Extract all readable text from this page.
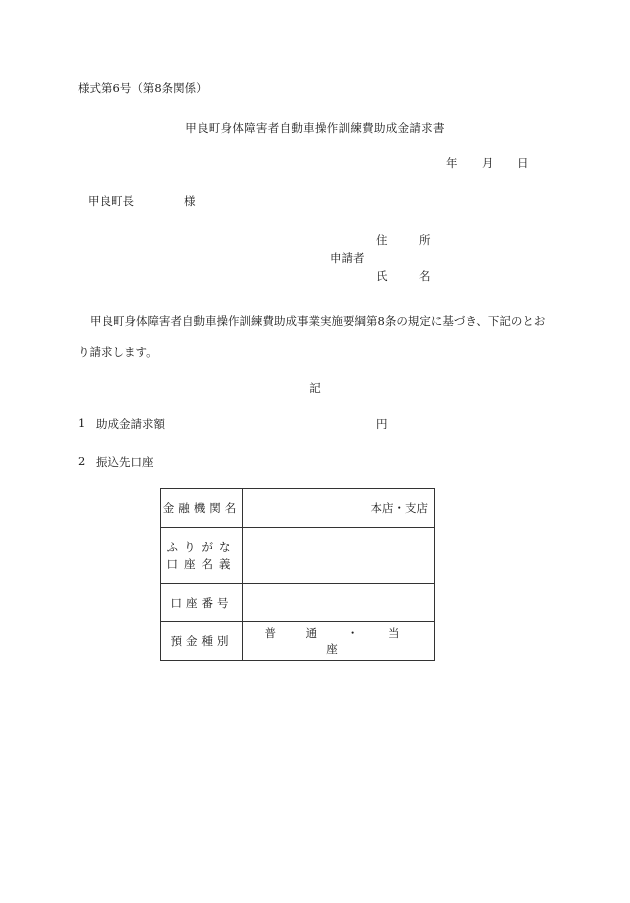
様式第6号（第8条関係）
甲良町身体障害者自動車操作訓練費助成金請求書
年 月 日
甲良町長	様
住　所
申請者
氏　名
甲良町身体障害者自動車操作訓練費助成事業実施要綱第8条の規定に基づき、下記のとおり請求します。
記
1 助成金請求額	円
2 振込先口座
金融機関名	本店・支店

ふりがな
口座名義	

口座番号	
預金種別	普 通 ・ 当 座
